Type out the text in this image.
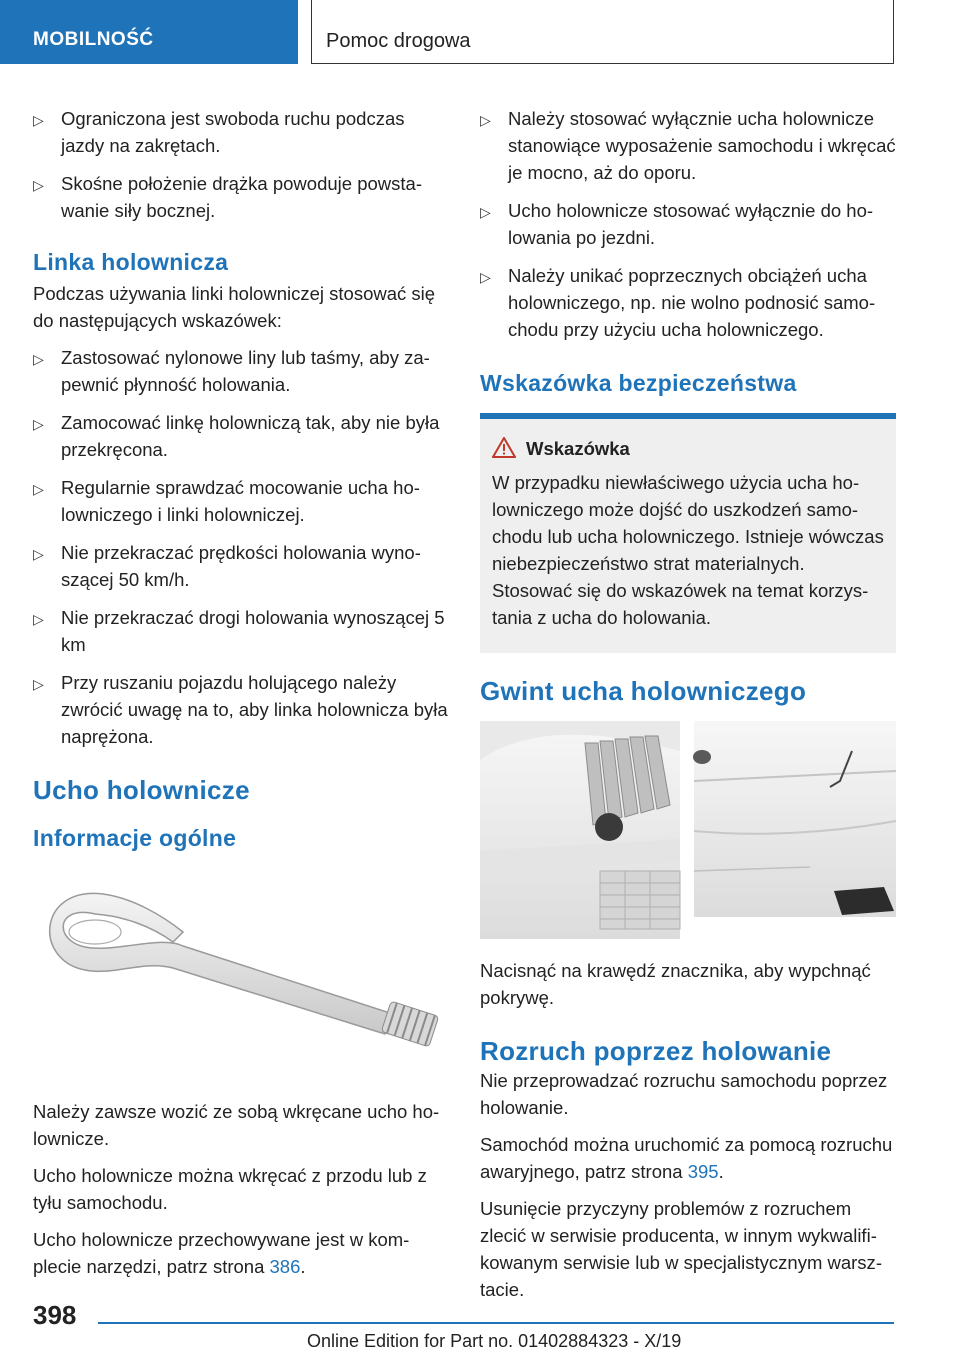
MOBILNOŚĆ	Pomoc drogowa
▷ Ograniczona jest swoboda ruchu podczas jazdy na zakrętach.
▷ Skośne położenie drążka powoduje powstawanie siły bocznej.
Linka holownicza

Podczas używania linki holowniczej stosować się do następujących wskazówek:

▷ Zastosować nylonowe liny lub taśmy, aby zapewnić płynność holowania.
▷ Zamocować linkę holowniczą tak, aby nie była przekręcona.
▷ Regularnie sprawdzać mocowanie ucha holowniczego i linki holowniczej.
▷ Nie przekraczać prędkości holowania wynoszącej 50 km/h.
▷ Nie przekraczać drogi holowania wynoszącej 5 km
▷ Przy ruszaniu pojazdu holującego należy zwrócić uwagę na to, aby linka holownicza była naprężona.
Ucho holownicze
Informacje ogólne

Należy zawsze wozić ze sobą wkręcane ucho holownicze.

Ucho holownicze można wkręcać z przodu lub z tyłu samochodu.

Ucho holownicze przechowywane jest w komplecie narzędzi, patrz strona 386.

▷ Należy stosować wyłącznie ucha holownicze stanowiące wyposażenie samochodu i wkręcać je mocno, aż do oporu.
▷ Ucho holownicze stosować wyłącznie do holowania po jezdni.
▷ Należy unikać poprzecznych obciążeń ucha holowniczego, np. nie wolno podnosić samochodu przy użyciu ucha holowniczego.
Wskazówka bezpieczeństwa
Wskazówka
W przypadku niewłaściwego użycia ucha holowniczego może dojść do uszkodzeń samochodu lub ucha holowniczego. Istnieje wówczas niebezpieczeństwo strat materialnych. Stosować się do wskazówek na temat korzystania z ucha do holowania.
Gwint ucha holowniczego

Nacisnąć na krawędź znacznika, aby wypchnąć pokrywę.

Rozruch poprzez holowanie

Nie przeprowadzać rozruchu samochodu poprzez holowanie.

Samochód można uruchomić za pomocą rozruchu awaryjnego, patrz strona 395.

Usunięcie przyczyny problemów z rozruchem zlecić w serwisie producenta, w innym wykwalifikowanym serwisie lub w specjalistycznym warsztacie.

398
Online Edition for Part no. 01402884323 - X/19
